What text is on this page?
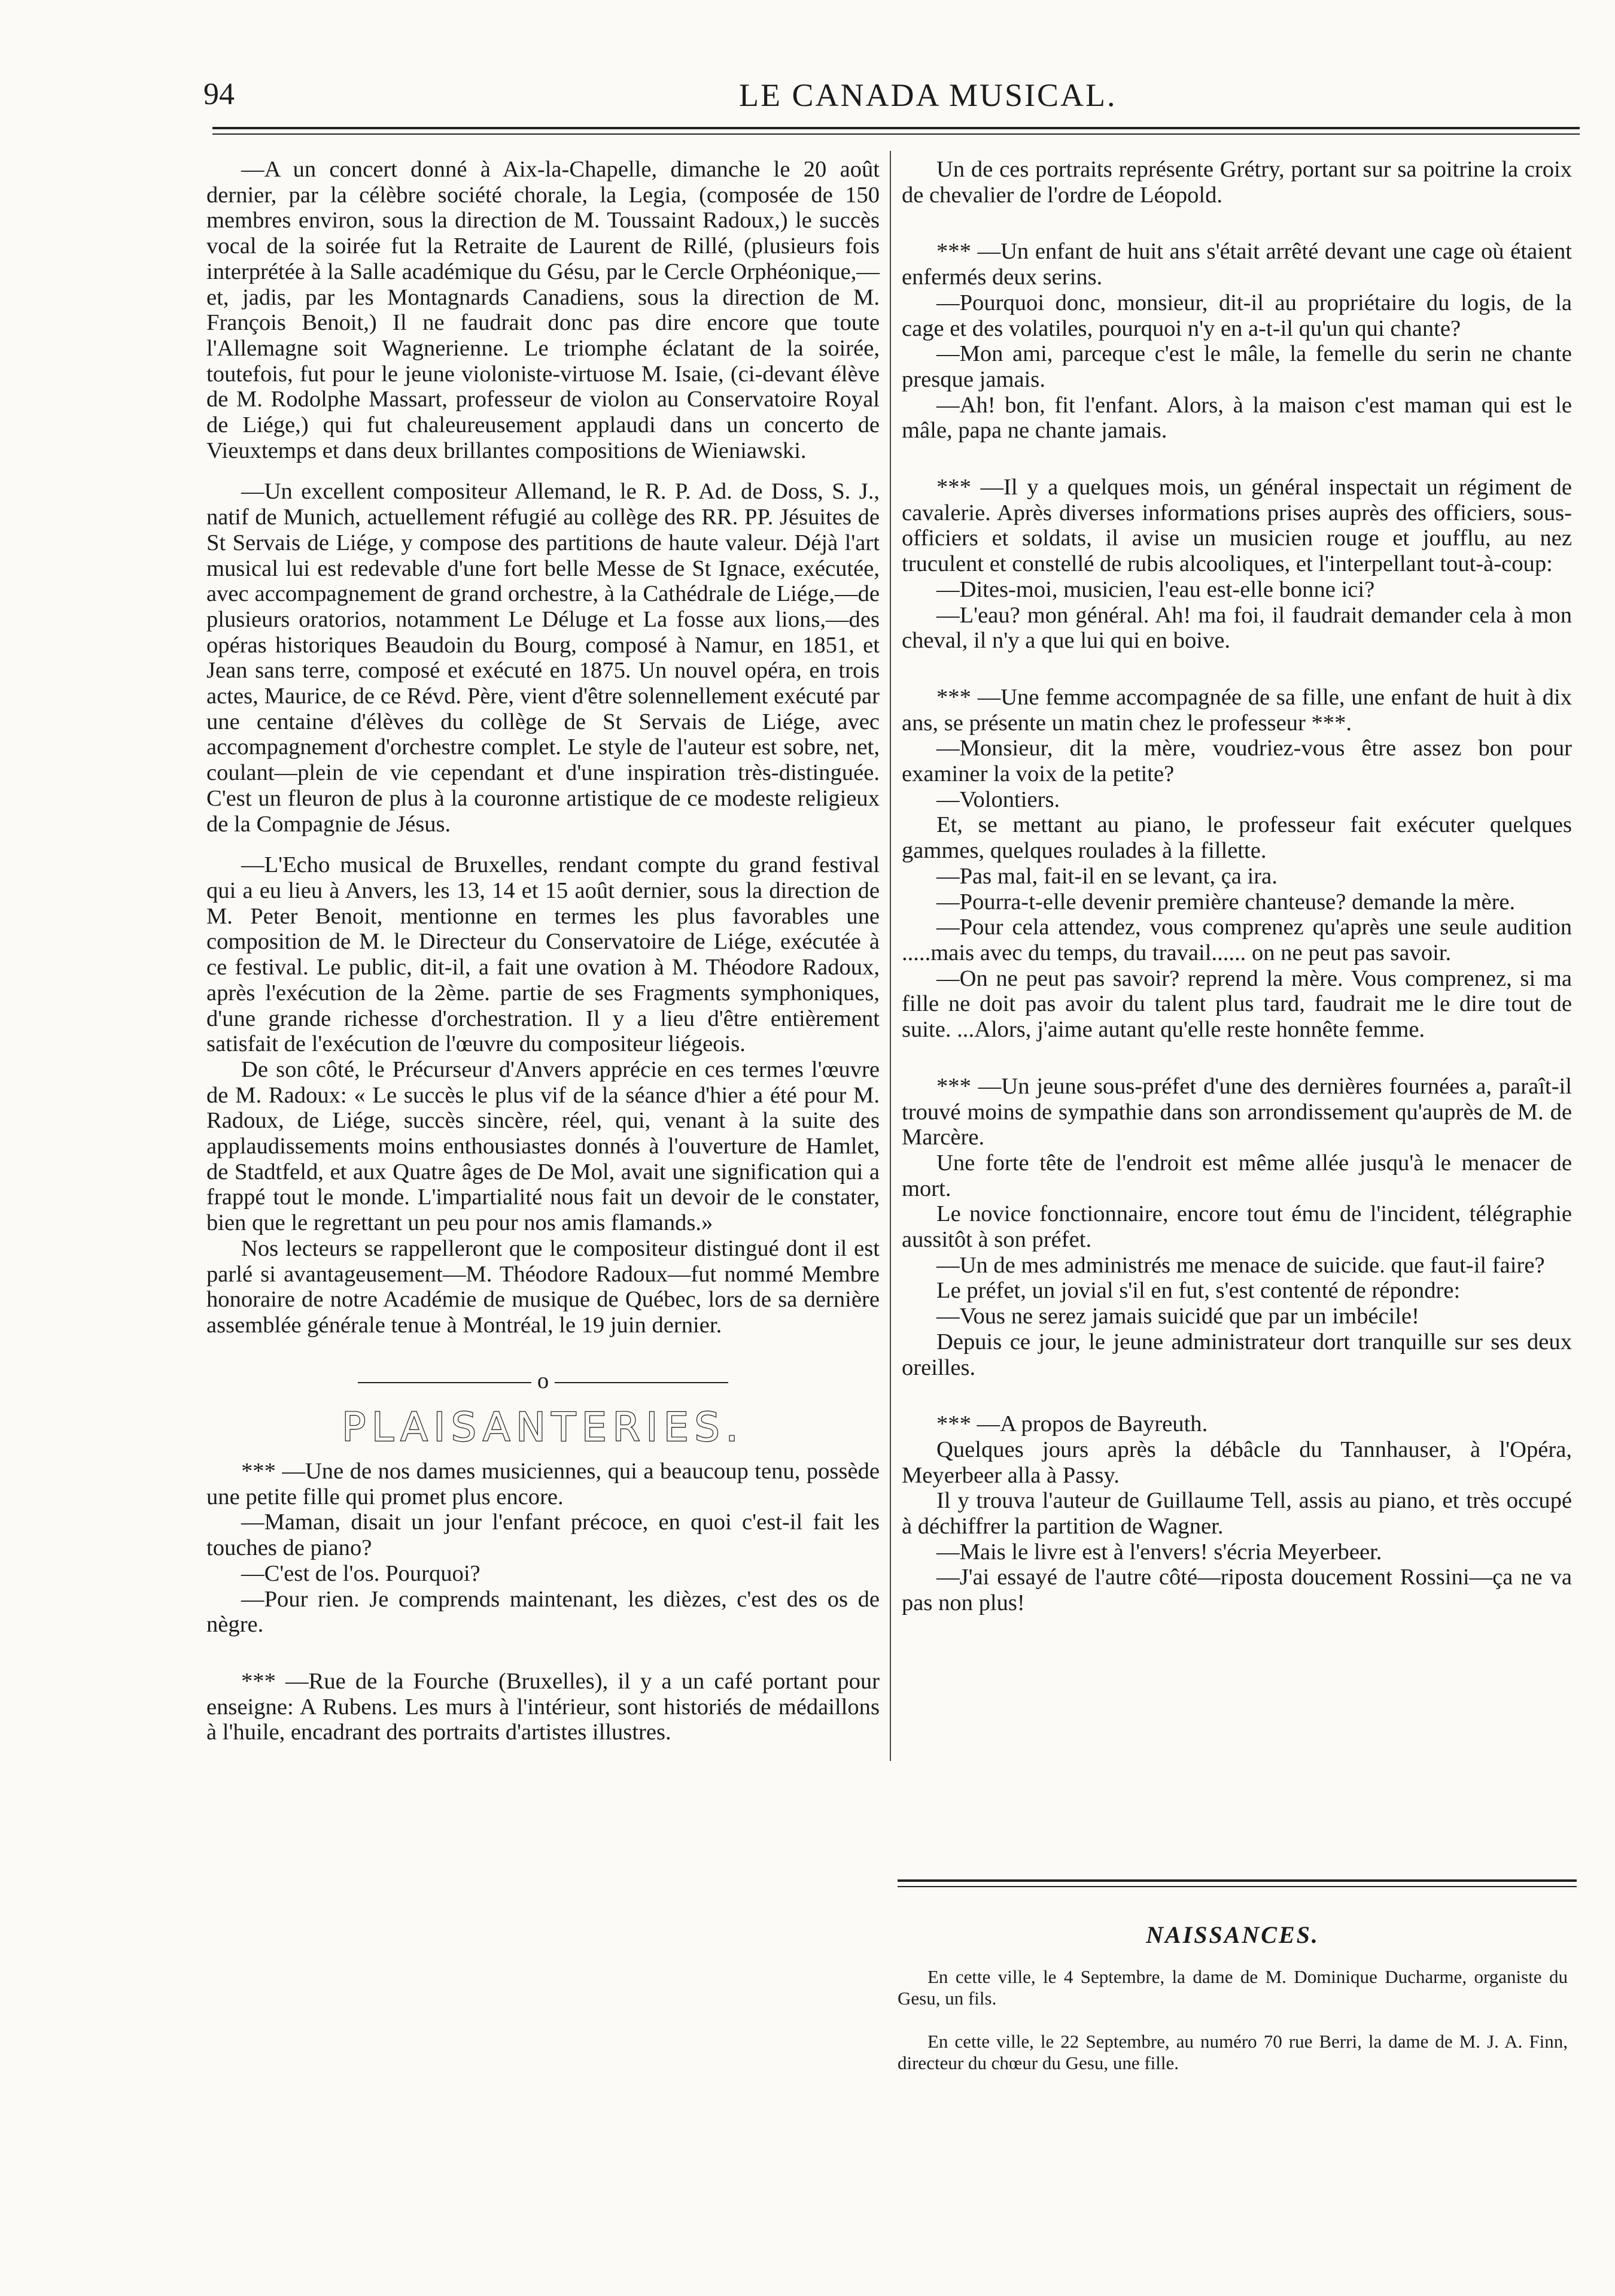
94	LE CANADA MUSICAL.

—A un concert donné à Aix-la-Chapelle, dimanche le 20 août dernier, par la célèbre société chorale, la Legia, (composée de 150 membres environ, sous la direction de M. Toussaint Radoux,) le succès vocal de la soirée fut la Retraite de Laurent de Rillé, (plusieurs fois interprétée à la Salle académique du Gésu, par le Cercle Orphéonique,—et, jadis, par les Montagnards Canadiens, sous la direction de M. François Benoit,) Il ne faudrait donc pas dire encore que toute l'Allemagne soit Wagnerienne. Le triomphe éclatant de la soirée, toutefois, fut pour le jeune violoniste-virtuose M. Isaie, (ci-devant élève de M. Rodolphe Massart, professeur de violon au Conservatoire Royal de Liége,) qui fut chaleureusement applaudi dans un concerto de Vieuxtemps et dans deux brillantes compositions de Wieniawski.

—Un excellent compositeur Allemand, le R. P. Ad. de Doss, S. J., natif de Munich, actuellement réfugié au collège des RR. PP. Jésuites de St Servais de Liége, y compose des partitions de haute valeur. Déjà l'art musical lui est redevable d'une fort belle Messe de St Ignace, exécutée, avec accompagnement de grand orchestre, à la Cathédrale de Liége,—de plusieurs oratorios, notamment Le Déluge et La fosse aux lions,—des opéras historiques Beaudoin du Bourg, composé à Namur, en 1851, et Jean sans terre, composé et exécuté en 1875. Un nouvel opéra, en trois actes, Maurice, de ce Révd. Père, vient d'être solennellement exécuté par une centaine d'élèves du collège de St Servais de Liége, avec accompagnement d'orchestre complet. Le style de l'auteur est sobre, net, coulant—plein de vie cependant et d'une inspiration très-distinguée. C'est un fleuron de plus à la couronne artistique de ce modeste religieux de la Compagnie de Jésus.

—L'Echo musical de Bruxelles, rendant compte du grand festival qui a eu lieu à Anvers, les 13, 14 et 15 août dernier, sous la direction de M. Peter Benoit, mentionne en termes les plus favorables une composition de M. le Directeur du Conservatoire de Liége, exécutée à ce festival. Le public, dit-il, a fait une ovation à M. Théodore Radoux, après l'exécution de la 2ème. partie de ses Fragments symphoniques, d'une grande richesse d'orchestration. Il y a lieu d'être entièrement satisfait de l'exécution de l'œuvre du compositeur liégeois.

De son côté, le Précurseur d'Anvers apprécie en ces termes l'œuvre de M. Radoux: « Le succès le plus vif de la séance d'hier a été pour M. Radoux, de Liége, succès sincère, réel, qui, venant à la suite des applaudissements moins enthousiastes donnés à l'ouverture de Hamlet, de Stadtfeld, et aux Quatre âges de De Mol, avait une signification qui a frappé tout le monde. L'impartialité nous fait un devoir de le constater, bien que le regrettant un peu pour nos amis flamands.»

Nos lecteurs se rappelleront que le compositeur distingué dont il est parlé si avantageusement—M. Théodore Radoux—fut nommé Membre honoraire de notre Académie de musique de Québec, lors de sa dernière assemblée générale tenue à Montréal, le 19 juin dernier.

o
PLAISANTERIES.

*** —Une de nos dames musiciennes, qui a beaucoup tenu, possède une petite fille qui promet plus encore.

—Maman, disait un jour l'enfant précoce, en quoi c'est-il fait les touches de piano?

—C'est de l'os. Pourquoi?

—Pour rien. Je comprends maintenant, les dièzes, c'est des os de nègre.

*** —Rue de la Fourche (Bruxelles), il y a un café portant pour enseigne: A Rubens. Les murs à l'intérieur, sont historiés de médaillons à l'huile, encadrant des portraits d'artistes illustres.

Un de ces portraits représente Grétry, portant sur sa poitrine la croix de chevalier de l'ordre de Léopold.

*** —Un enfant de huit ans s'était arrêté devant une cage où étaient enfermés deux serins.

—Pourquoi donc, monsieur, dit-il au propriétaire du logis, de la cage et des volatiles, pourquoi n'y en a-t-il qu'un qui chante?

—Mon ami, parceque c'est le mâle, la femelle du serin ne chante presque jamais.

—Ah! bon, fit l'enfant. Alors, à la maison c'est maman qui est le mâle, papa ne chante jamais.

*** —Il y a quelques mois, un général inspectait un régiment de cavalerie. Après diverses informations prises auprès des officiers, sous-officiers et soldats, il avise un musicien rouge et joufflu, au nez truculent et constellé de rubis alcooliques, et l'interpellant tout-à-coup:

—Dites-moi, musicien, l'eau est-elle bonne ici?

—L'eau? mon général. Ah! ma foi, il faudrait demander cela à mon cheval, il n'y a que lui qui en boive.

*** —Une femme accompagnée de sa fille, une enfant de huit à dix ans, se présente un matin chez le professeur ***.

—Monsieur, dit la mère, voudriez-vous être assez bon pour examiner la voix de la petite?

—Volontiers.

Et, se mettant au piano, le professeur fait exécuter quelques gammes, quelques roulades à la fillette.

—Pas mal, fait-il en se levant, ça ira.

—Pourra-t-elle devenir première chanteuse? demande la mère.

—Pour cela attendez, vous comprenez qu'après une seule audition .....mais avec du temps, du travail...... on ne peut pas savoir.

—On ne peut pas savoir? reprend la mère. Vous comprenez, si ma fille ne doit pas avoir du talent plus tard, faudrait me le dire tout de suite. ...Alors, j'aime autant qu'elle reste honnête femme.

*** —Un jeune sous-préfet d'une des dernières fournées a, paraît-il trouvé moins de sympathie dans son arrondissement qu'auprès de M. de Marcère.

Une forte tête de l'endroit est même allée jusqu'à le menacer de mort.

Le novice fonctionnaire, encore tout ému de l'incident, télégraphie aussitôt à son préfet.

—Un de mes administrés me menace de suicide. que faut-il faire?

Le préfet, un jovial s'il en fut, s'est contenté de répondre:

—Vous ne serez jamais suicidé que par un imbécile!

Depuis ce jour, le jeune administrateur dort tranquille sur ses deux oreilles.

*** —A propos de Bayreuth.

Quelques jours après la débâcle du Tannhauser, à l'Opéra, Meyerbeer alla à Passy.

Il y trouva l'auteur de Guillaume Tell, assis au piano, et très occupé à déchiffrer la partition de Wagner.

—Mais le livre est à l'envers! s'écria Meyerbeer.

—J'ai essayé de l'autre côté—riposta doucement Rossini—ça ne va pas non plus!

NAISSANCES.

En cette ville, le 4 Septembre, la dame de M. Dominique Ducharme, organiste du Gesu, un fils.

En cette ville, le 22 Septembre, au numéro 70 rue Berri, la dame de M. J. A. Finn, directeur du chœur du Gesu, une fille.
